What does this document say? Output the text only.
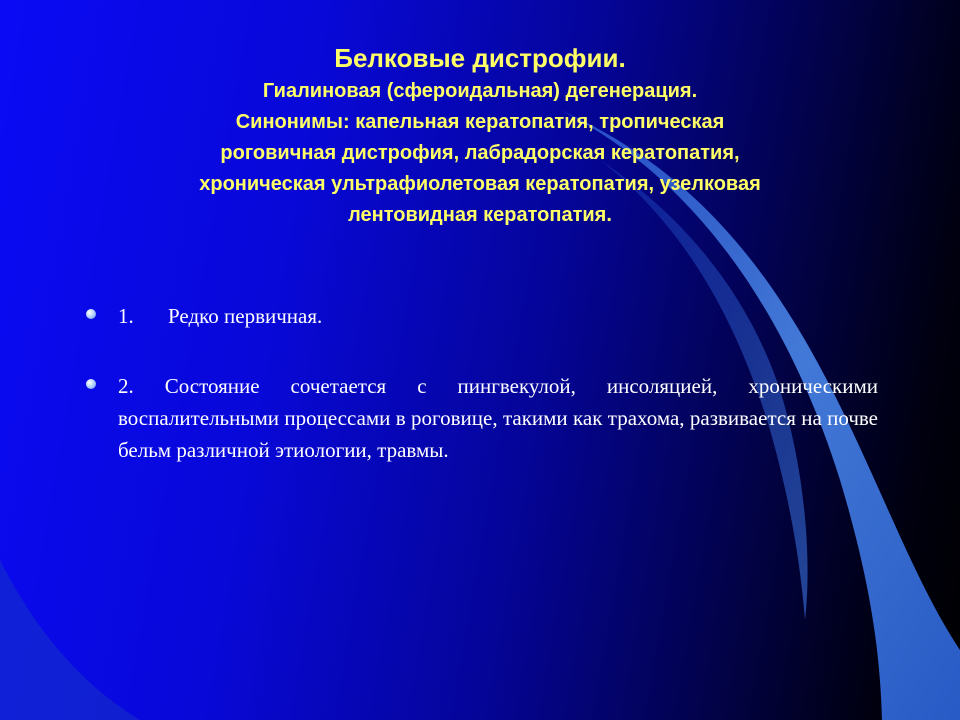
Белковые дистрофии.

Гиалиновая (сфероидальная) дегенерация.

Синонимы: капельная кератопатия, тропическая

роговичная дистрофия, лабрадорская кератопатия,

хроническая ультрафиолетовая кератопатия, узелковая

лентовидная кератопатия.

1. Редко первичная.
2. Состояние сочетается с пингвекулой, инсоляцией, хроническими воспалительными процессами в роговице, такими как трахома, развивается на почве бельм различной этиологии, травмы.
